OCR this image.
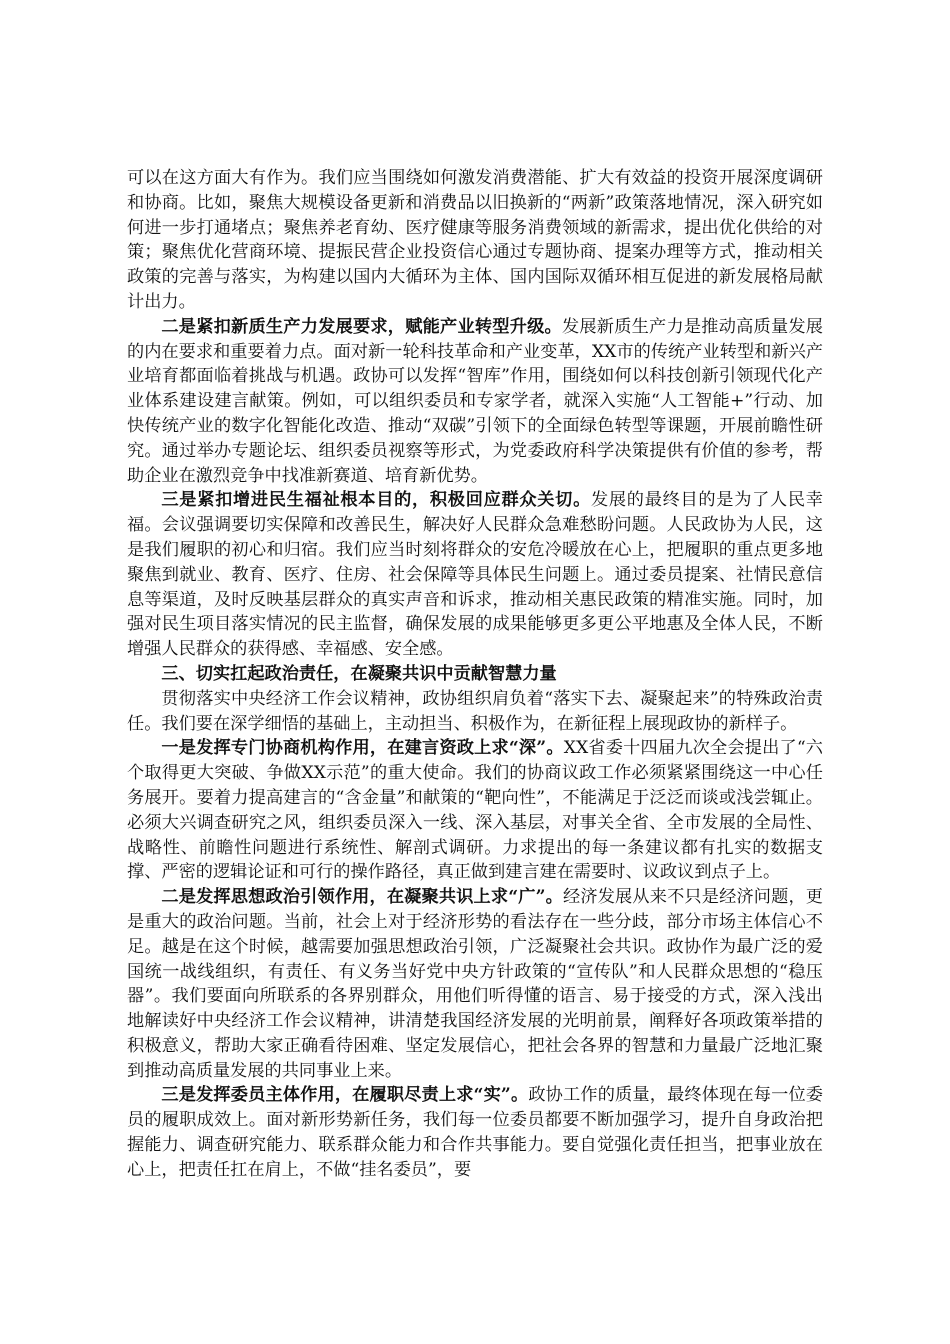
可以在这方面大有作为。我们应当围绕如何激发消费潜能、扩大有效益的投资开展深度调研和协商。比如，聚焦大规模设备更新和消费品以旧换新的“两新”政策落地情况，深入研究如何进一步打通堵点；聚焦养老育幼、医疗健康等服务消费领域的新需求，提出优化供给的对策；聚焦优化营商环境、提振民营企业投资信心通过专题协商、提案办理等方式，推动相关政策的完善与落实，为构建以国内大循环为主体、国内国际双循环相互促进的新发展格局献计出力。

二是紧扣新质生产力发展要求，赋能产业转型升级。发展新质生产力是推动高质量发展的内在要求和重要着力点。面对新一轮科技革命和产业变革，XX市的传统产业转型和新兴产业培育都面临着挑战与机遇。政协可以发挥“智库”作用，围绕如何以科技创新引领现代化产业体系建设建言献策。例如，可以组织委员和专家学者，就深入实施“人工智能+”行动、加快传统产业的数字化智能化改造、推动“双碳”引领下的全面绿色转型等课题，开展前瞻性研究。通过举办专题论坛、组织委员视察等形式，为党委政府科学决策提供有价值的参考，帮助企业在激烈竞争中找准新赛道、培育新优势。

三是紧扣增进民生福祉根本目的，积极回应群众关切。发展的最终目的是为了人民幸福。会议强调要切实保障和改善民生，解决好人民群众急难愁盼问题。人民政协为人民，这是我们履职的初心和归宿。我们应当时刻将群众的安危冷暖放在心上，把履职的重点更多地聚焦到就业、教育、医疗、住房、社会保障等具体民生问题上。通过委员提案、社情民意信息等渠道，及时反映基层群众的真实声音和诉求，推动相关惠民政策的精准实施。同时，加强对民生项目落实情况的民主监督，确保发展的成果能够更多更公平地惠及全体人民，不断增强人民群众的获得感、幸福感、安全感。

三、切实扛起政治责任，在凝聚共识中贡献智慧力量

贯彻落实中央经济工作会议精神，政协组织肩负着“落实下去、凝聚起来”的特殊政治责任。我们要在深学细悟的基础上，主动担当、积极作为，在新征程上展现政协的新样子。

一是发挥专门协商机构作用，在建言资政上求“深”。XX省委十四届九次全会提出了“六个取得更大突破、争做XX示范”的重大使命。我们的协商议政工作必须紧紧围绕这一中心任务展开。要着力提高建言的“含金量”和献策的“靶向性”，不能满足于泛泛而谈或浅尝辄止。必须大兴调查研究之风，组织委员深入一线、深入基层，对事关全省、全市发展的全局性、战略性、前瞻性问题进行系统性、解剖式调研。力求提出的每一条建议都有扎实的数据支撑、严密的逻辑论证和可行的操作路径，真正做到建言建在需要时、议政议到点子上。

二是发挥思想政治引领作用，在凝聚共识上求“广”。经济发展从来不只是经济问题，更是重大的政治问题。当前，社会上对于经济形势的看法存在一些分歧，部分市场主体信心不足。越是在这个时候，越需要加强思想政治引领，广泛凝聚社会共识。政协作为最广泛的爱国统一战线组织，有责任、有义务当好党中央方针政策的“宣传队”和人民群众思想的“稳压器”。我们要面向所联系的各界别群众，用他们听得懂的语言、易于接受的方式，深入浅出地解读好中央经济工作会议精神，讲清楚我国经济发展的光明前景，阐释好各项政策举措的积极意义，帮助大家正确看待困难、坚定发展信心，把社会各界的智慧和力量最广泛地汇聚到推动高质量发展的共同事业上来。

三是发挥委员主体作用，在履职尽责上求“实”。政协工作的质量，最终体现在每一位委员的履职成效上。面对新形势新任务，我们每一位委员都要不断加强学习，提升自身政治把握能力、调查研究能力、联系群众能力和合作共事能力。要自觉强化责任担当，把事业放在心上，把责任扛在肩上，不做“挂名委员”，要
